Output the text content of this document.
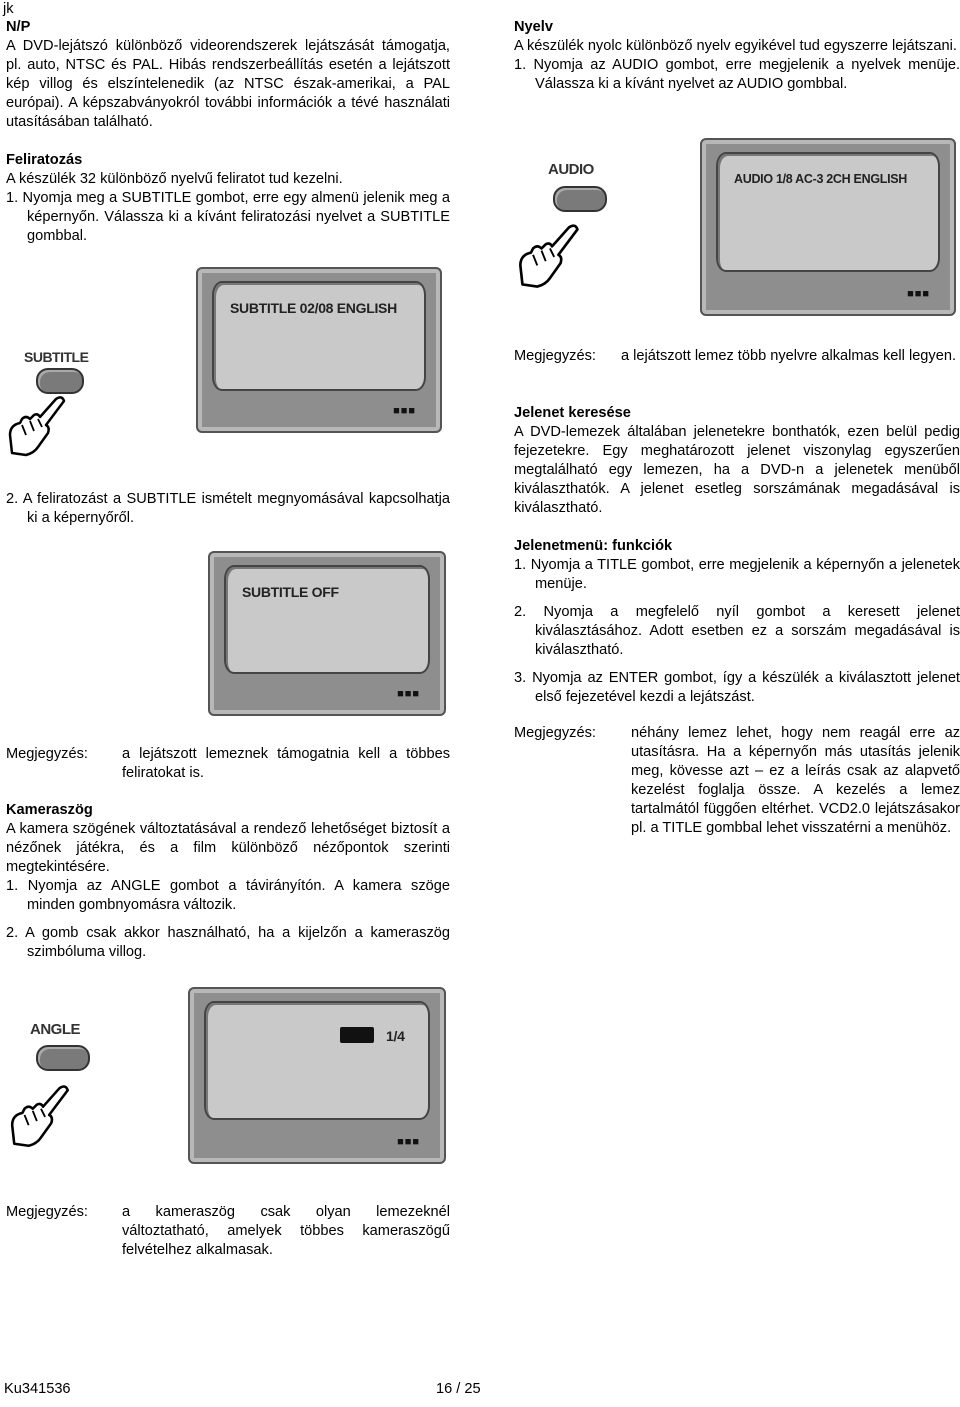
jk
N/P

A DVD-lejátszó különböző videorendszerek lejátszását támogatja, pl. auto, NTSC és PAL. Hibás rendszerbeállítás esetén a lejátszott kép villog és elszíntelenedik (az NTSC észak-amerikai, a PAL európai). A képszabványokról további információk a tévé használati utasításában található.

Feliratozás

A készülék 32 különböző nyelvű feliratot tud kezelni.

1. Nyomja meg a SUBTITLE gombot, erre egy almenü jelenik meg a képernyőn. Válassza ki a kívánt feliratozási nyelvet a SUBTITLE gombbal.

SUBTITLE 02/08 ENGLISH
■■■
SUBTITLE

2. A feliratozást a SUBTITLE ismételt megnyomásával kapcsolhatja ki a képernyőről.

SUBTITLE OFF
■■■
Megjegyzés: a lejátszott lemeznek támogatnia kell a többes feliratokat is.

Kameraszög

A kamera szögének változtatásával a rendező lehetőséget biztosít a nézőnek játékra, és a film különböző nézőpontok szerinti megtekintésére.

1. Nyomja az ANGLE gombot a távirányítón. A kamera szöge minden gombnyomásra változik.

2. A gomb csak akkor használható, ha a kijelzőn a kameraszög szimbóluma villog.

1/4
■■■
ANGLE
Megjegyzés: a kameraszög csak olyan lemezeknél változtatható, amelyek többes kameraszögű felvételhez alkalmasak.

Nyelv

A készülék nyolc különböző nyelv egyikével tud egyszerre lejátszani.

1. Nyomja az AUDIO gombot, erre megjelenik a nyelvek menüje. Válassza ki a kívánt nyelvet az AUDIO gombbal.

AUDIO 1/8 AC-3 2CH ENGLISH
■■■
AUDIO
Megjegyzés: a lejátszott lemez több nyelvre alkalmas kell legyen.

Jelenet keresése

A DVD-lemezek általában jelenetekre bonthatók, ezen belül pedig fejezetekre. Egy meghatározott jelenet viszonylag egyszerűen megtalálható egy lemezen, ha a DVD-n a jelenetek menüből kiválaszthatók. A jelenet esetleg sorszámának megadásával is kiválasztható.

Jelenetmenü: funkciók

1. Nyomja a TITLE gombot, erre megjelenik a képernyőn a jelenetek menüje.

2. Nyomja a megfelelő nyíl gombot a keresett jelenet kiválasztásához. Adott esetben ez a sorszám megadásával is kiválasztható.

3. Nyomja az ENTER gombot, így a készülék a kiválasztott jelenet első fejezetével kezdi a lejátszást.

Megjegyzés: néhány lemez lehet, hogy nem reagál erre az utasításra. Ha a képernyőn más utasítás jelenik meg, kövesse azt – ez a leírás csak az alapvető kezelést foglalja össze. A kezelés a lemez tartalmától függően eltérhet. VCD2.0 lejátszásakor pl. a TITLE gombbal lehet visszatérni a menühöz.

Ku341536	16 / 25
